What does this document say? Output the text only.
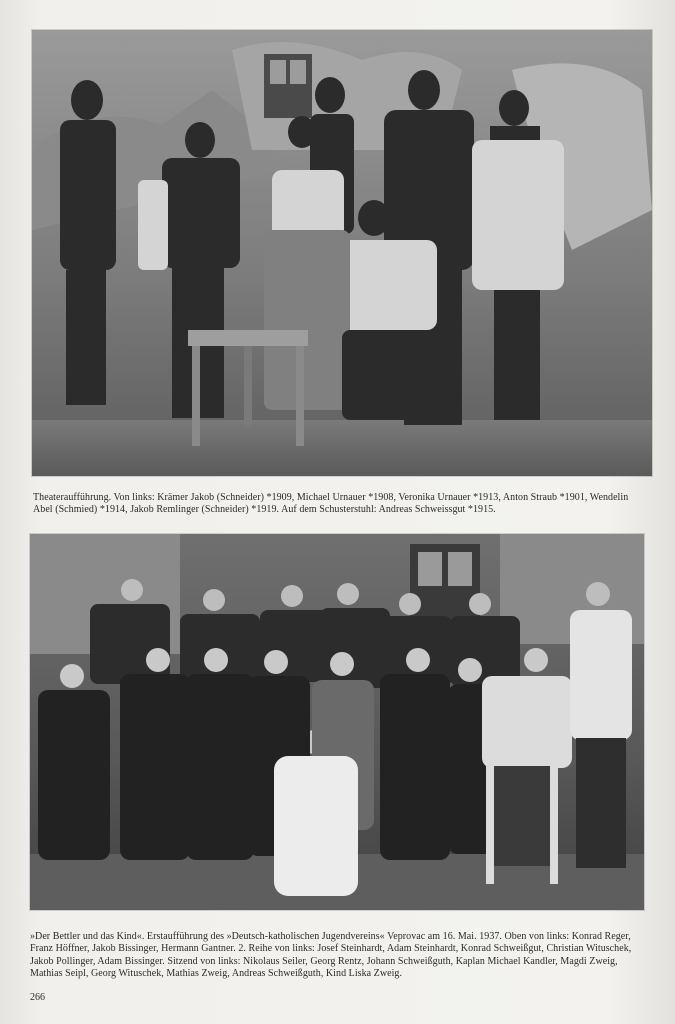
Theateraufführung. Von links: Krämer Jakob (Schneider) *1909, Michael Urnauer *1908, Veronika Urnauer *1913, Anton Straub *1901, Wendelin Abel (Schmied) *1914, Jakob Remlinger (Schneider) *1919. Auf dem Schusterstuhl: Andreas Schweissgut *1915.

»Der Bettler und das Kind«. Erstaufführung des »Deutsch-katholischen Jugendvereins« Veprovac am 16. Mai. 1937. Oben von links: Konrad Reger, Franz Höffner, Jakob Bissinger, Hermann Gantner. 2. Reihe von links: Josef Steinhardt, Adam Steinhardt, Konrad Schweißgut, Christian Wituschek, Jakob Pollinger, Adam Bissinger. Sitzend von links: Nikolaus Seiler, Georg Rentz, Johann Schweißguth, Kaplan Michael Kandler, Magdi Zweig, Mathias Seipl, Georg Wituschek, Mathias Zweig, Andreas Schweißguth, Kind Liska Zweig.

266
